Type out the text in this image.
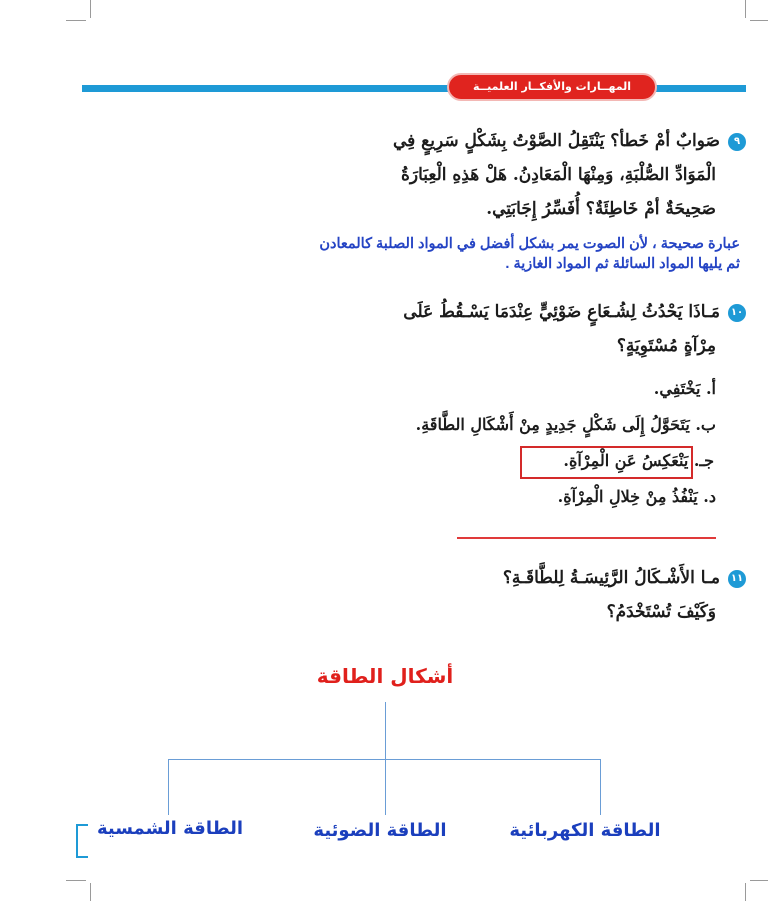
المهــارات والأفكــار العلميــة
٩صَوابٌ أمْ خَطأ؟ يَنْتَقِلُ الصَّوْتُ بِشَكْلٍ سَرِيعٍ فِي
الْمَوَادِّ الصُّلْبَةِ، وَمِنْهَا الْمَعَادِنُ. هَلْ هَذِهِ الْعِبَارَةُ
صَحِيحَةٌ أمْ خَاطِئَةٌ؟ أُفَسِّرُ إِجَابَتِي.
عبارة صحيحة ، لأن الصوت يمر بشكل أفضل في المواد الصلبة كالمعادن
ثم يليها المواد السائلة ثم المواد الغازية .
١٠مَـاذَا يَحْدُثُ لِشُـعَاعٍ ضَوْئِيٍّ عِنْدَمَا يَسْـقُطُ عَلَى
مِرْآةٍ مُسْتَوِيَةٍ؟
أ. يَخْتَفِي.
ب. يَتَحَوَّلُ إِلَى شَكْلٍ جَدِيدٍ مِنْ أَشْكَالِ الطَّاقَةِ.
جـ. يَنْعَكِسُ عَنِ الْمِرْآةِ.
د. يَنْفُذُ مِنْ خِلالِ الْمِرْآةِ.
١١مـا الأَشْـكَالُ الرَّئِيسَـةُ لِلطَّاقَـةِ؟
وَكَيْفَ تُسْتَخْدَمُ؟
أشكال الطاقة
الطاقة الكهربائية
الطاقة الضوئية
الطاقة الشمسية
